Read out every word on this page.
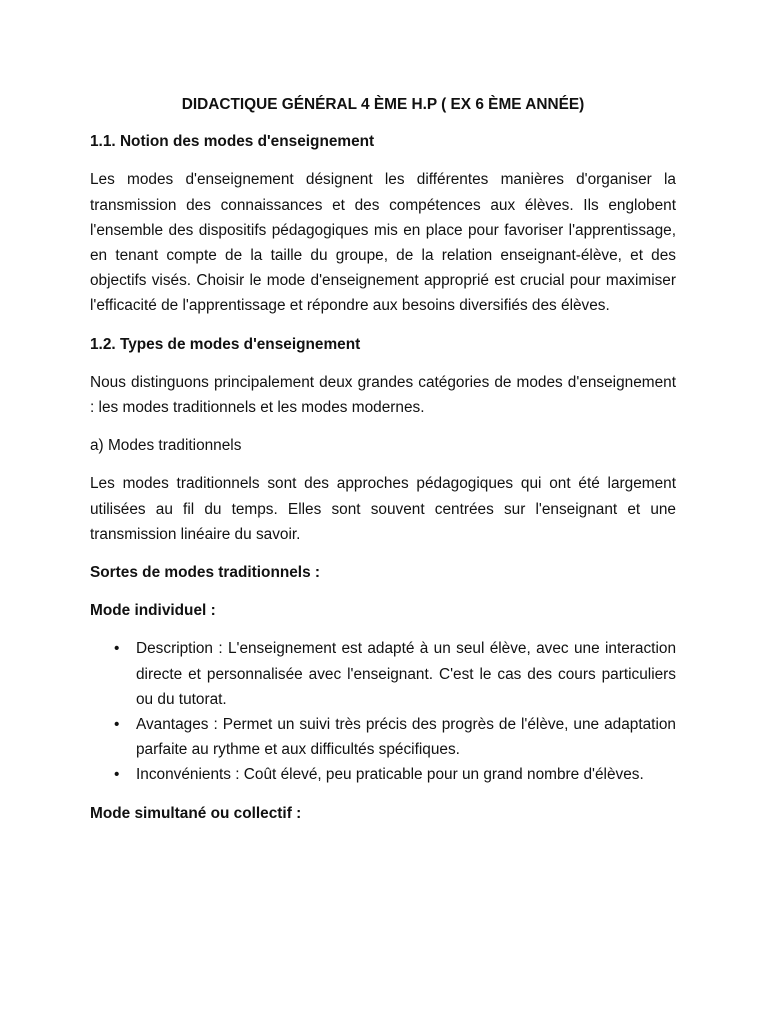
DIDACTIQUE GÉNÉRAL 4 ÈME H.P ( EX 6 ÈME ANNÉE)
1.1. Notion des modes d'enseignement
Les modes d'enseignement désignent les différentes manières d'organiser la transmission des connaissances et des compétences aux élèves. Ils englobent l'ensemble des dispositifs pédagogiques mis en place pour favoriser l'apprentissage, en tenant compte de la taille du groupe, de la relation enseignant-élève, et des objectifs visés. Choisir le mode d'enseignement approprié est crucial pour maximiser l'efficacité de l'apprentissage et répondre aux besoins diversifiés des élèves.
1.2. Types de modes d'enseignement
Nous distinguons principalement deux grandes catégories de modes d'enseignement : les modes traditionnels et les modes modernes.
a) Modes traditionnels
Les modes traditionnels sont des approches pédagogiques qui ont été largement utilisées au fil du temps. Elles sont souvent centrées sur l'enseignant et une transmission linéaire du savoir.
Sortes de modes traditionnels :
Mode individuel :
• Description : L'enseignement est adapté à un seul élève, avec une interaction directe et personnalisée avec l'enseignant. C'est le cas des cours particuliers ou du tutorat.
• Avantages : Permet un suivi très précis des progrès de l'élève, une adaptation parfaite au rythme et aux difficultés spécifiques.
• Inconvénients : Coût élevé, peu praticable pour un grand nombre d'élèves.
Mode simultané ou collectif :
